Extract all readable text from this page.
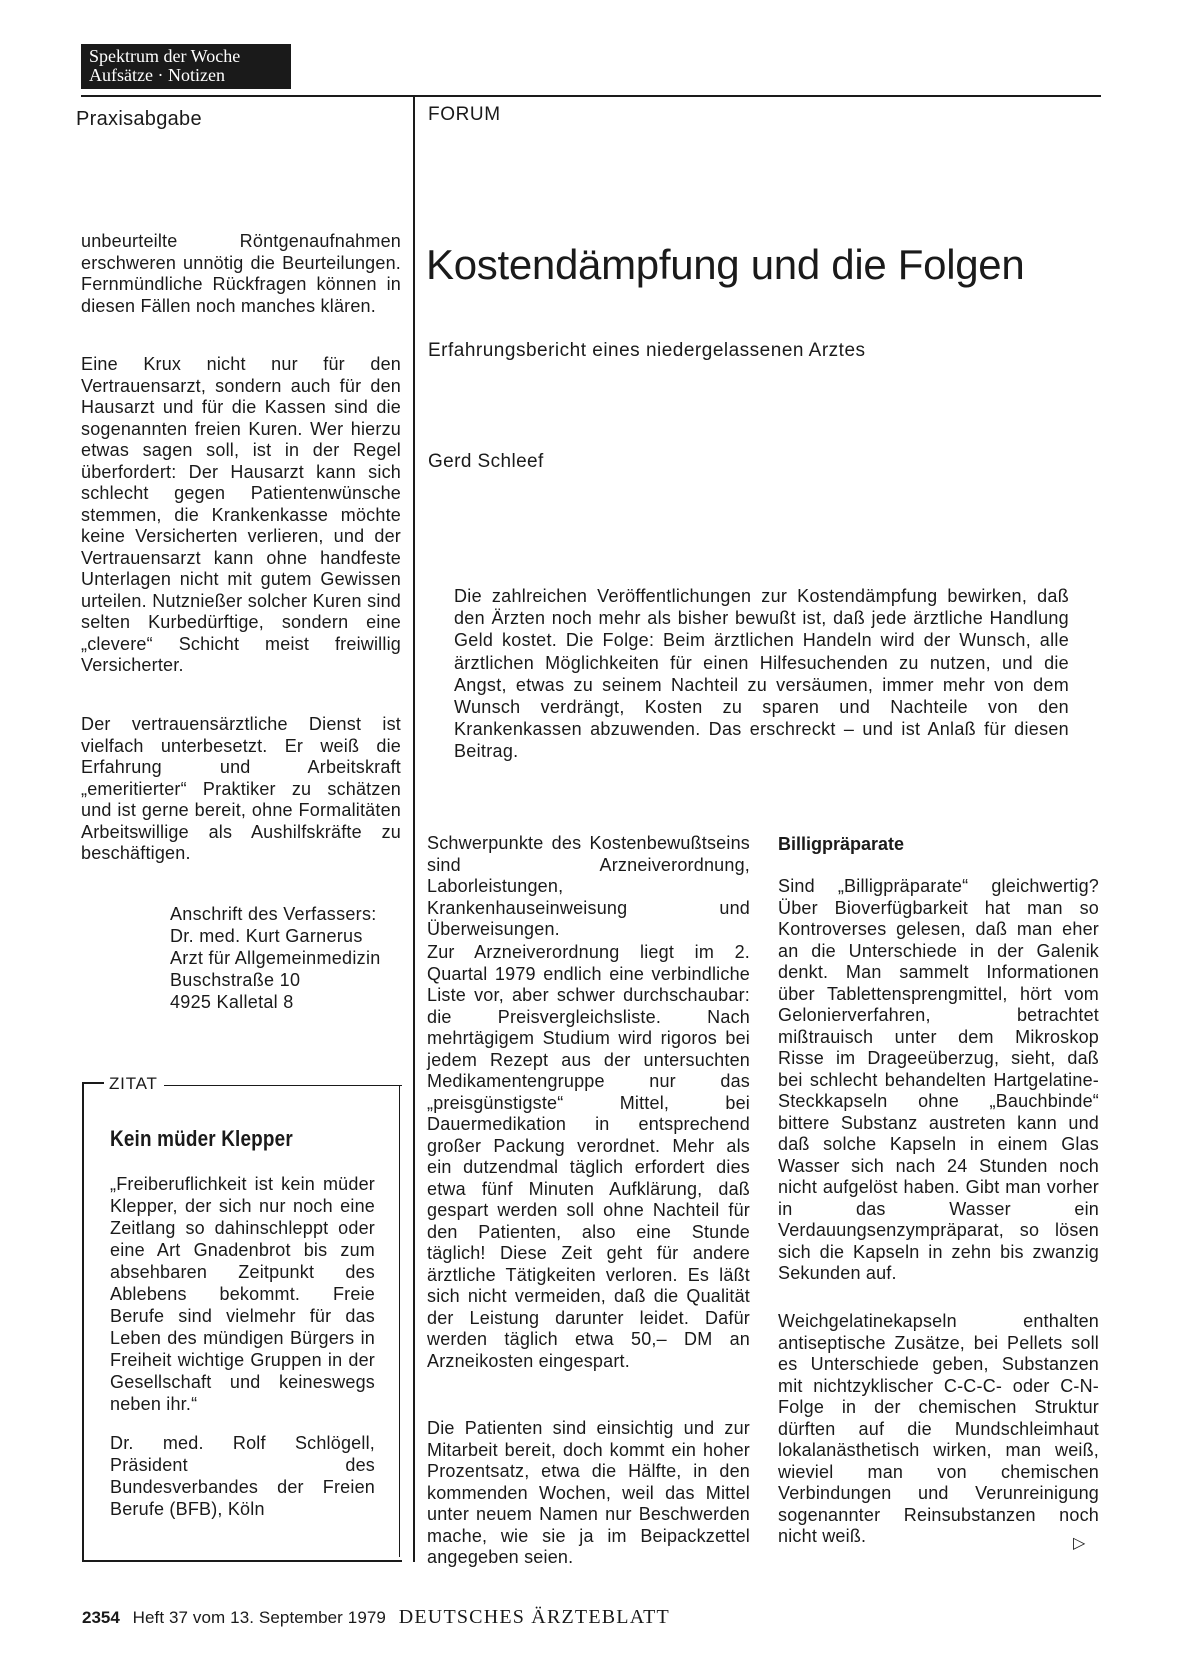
Spektrum der Woche
Aufsätze · Notizen
Praxisabgabe	FORUM

unbeurteilte Röntgenaufnahmen erschweren unnötig die Beurteilungen. Fernmündliche Rückfragen können in diesen Fällen noch manches klären.

Eine Krux nicht nur für den Vertrauensarzt, sondern auch für den Hausarzt und für die Kassen sind die sogenannten freien Kuren. Wer hierzu etwas sagen soll, ist in der Regel überfordert: Der Hausarzt kann sich schlecht gegen Patientenwünsche stemmen, die Krankenkasse möchte keine Versicherten verlieren, und der Vertrauensarzt kann ohne handfeste Unterlagen nicht mit gutem Gewissen urteilen. Nutznießer solcher Kuren sind selten Kurbedürftige, sondern eine „clevere“ Schicht meist freiwillig Versicherter.

Der vertrauensärztliche Dienst ist vielfach unterbesetzt. Er weiß die Erfahrung und Arbeitskraft „emeritierter“ Praktiker zu schätzen und ist gerne bereit, ohne Formalitäten Arbeitswillige als Aushilfskräfte zu beschäftigen.

Anschrift des Verfassers:
Dr. med. Kurt Garnerus
Arzt für Allgemeinmedizin
Buschstraße 10
4925 Kalletal 8
ZITAT
Kein müder Klepper

„Freiberuflichkeit ist kein müder Klepper, der sich nur noch eine Zeitlang so dahinschleppt oder eine Art Gnadenbrot bis zum absehbaren Zeitpunkt des Ablebens bekommt. Freie Berufe sind vielmehr für das Leben des mündigen Bürgers in Freiheit wichtige Gruppen in der Gesellschaft und keineswegs neben ihr.“

Dr. med. Rolf Schlögell, Präsident des Bundesverbandes der Freien Berufe (BFB), Köln

Kostendämpfung und die Folgen
Erfahrungsbericht eines niedergelassenen Arztes
Gerd Schleef

Die zahlreichen Veröffentlichungen zur Kostendämpfung bewirken, daß den Ärzten noch mehr als bisher bewußt ist, daß jede ärztliche Handlung Geld kostet. Die Folge: Beim ärztlichen Handeln wird der Wunsch, alle ärztlichen Möglichkeiten für einen Hilfesuchenden zu nutzen, und die Angst, etwas zu seinem Nachteil zu versäumen, immer mehr von dem Wunsch verdrängt, Kosten zu sparen und Nachteile von den Krankenkassen abzuwenden. Das erschreckt – und ist Anlaß für diesen Beitrag.

Schwerpunkte des Kostenbewußtseins sind Arzneiverordnung, Laborleistungen, Krankenhauseinweisung und Überweisungen.

Zur Arzneiverordnung liegt im 2. Quartal 1979 endlich eine verbindliche Liste vor, aber schwer durchschaubar: die Preisvergleichsliste. Nach mehrtägigem Studium wird rigoros bei jedem Rezept aus der untersuchten Medikamentengruppe nur das „preisgünstigste“ Mittel, bei Dauermedikation in entsprechend großer Packung verordnet. Mehr als ein dutzendmal täglich erfordert dies etwa fünf Minuten Aufklärung, daß gespart werden soll ohne Nachteil für den Patienten, also eine Stunde täglich! Diese Zeit geht für andere ärztliche Tätigkeiten verloren. Es läßt sich nicht vermeiden, daß die Qualität der Leistung darunter leidet. Dafür werden täglich etwa 50,– DM an Arzneikosten eingespart.

Die Patienten sind einsichtig und zur Mitarbeit bereit, doch kommt ein hoher Prozentsatz, etwa die Hälfte, in den kommenden Wochen, weil das Mittel unter neuem Namen nur Beschwerden mache, wie sie ja im Beipackzettel angegeben seien.

Billigpräparate

Sind „Billigpräparate“ gleichwertig? Über Bioverfügbarkeit hat man so Kontroverses gelesen, daß man eher an die Unterschiede in der Galenik denkt. Man sammelt Informationen über Tablettensprengmittel, hört vom Gelonierverfahren, betrachtet mißtrauisch unter dem Mikroskop Risse im Drageeüberzug, sieht, daß bei schlecht behandelten Hartgelatine-Steckkapseln ohne „Bauchbinde“ bittere Substanz austreten kann und daß solche Kapseln in einem Glas Wasser sich nach 24 Stunden noch nicht aufgelöst haben. Gibt man vorher in das Wasser ein Verdauungsenzympräparat, so lösen sich die Kapseln in zehn bis zwanzig Sekunden auf.

Weichgelatinekapseln enthalten antiseptische Zusätze, bei Pellets soll es Unterschiede geben, Substanzen mit nichtzyklischer C-C-C- oder C-N- Folge in der chemischen Struktur dürften auf die Mundschleimhaut lokalanästhetisch wirken, man weiß, wieviel man von chemischen Verbindungen und Verunreinigung sogenannter Reinsubstanzen noch nicht weiß.	▷
2354 Heft 37 vom 13. September 1979 DEUTSCHES ÄRZTEBLATT
